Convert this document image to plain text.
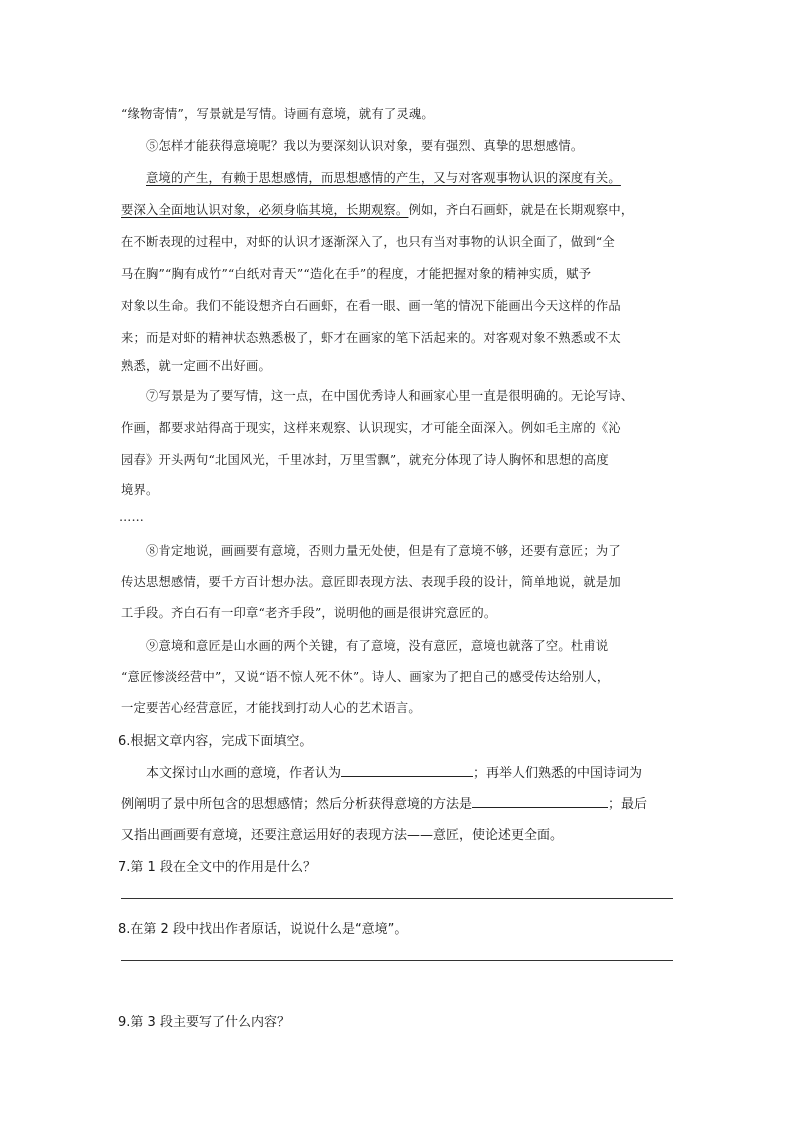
“缘物寄情”，写景就是写情。诗画有意境，就有了灵魂。
⑤怎样才能获得意境呢？我以为要深刻认识对象，要有强烈、真挚的思想感情。
意境的产生，有赖于思想感情，而思想感情的产生，又与对客观事物认识的深度有关。
要深入全面地认识对象，必须身临其境，长期观察。例如，齐白石画虾，就是在长期观察中，
在不断表现的过程中，对虾的认识才逐渐深入了，也只有当对事物的认识全面了，做到“全
马在胸”“胸有成竹”“白纸对青天”“造化在手”的程度，才能把握对象的精神实质，赋予
对象以生命。我们不能设想齐白石画虾，在看一眼、画一笔的情况下能画出今天这样的作品
来；而是对虾的精神状态熟悉极了，虾才在画家的笔下活起来的。对客观对象不熟悉或不太
熟悉，就一定画不出好画。
⑦写景是为了要写情，这一点，在中国优秀诗人和画家心里一直是很明确的。无论写诗、
作画，都要求站得高于现实，这样来观察、认识现实，才可能全面深入。例如毛主席的《沁
园春》开头两句“北国风光，千里冰封，万里雪飘”，就充分体现了诗人胸怀和思想的高度
境界。
……
⑧肯定地说，画画要有意境，否则力量无处使，但是有了意境不够，还要有意匠；为了
传达思想感情，要千方百计想办法。意匠即表现方法、表现手段的设计，简单地说，就是加
工手段。齐白石有一印章“老齐手段”，说明他的画是很讲究意匠的。
⑨意境和意匠是山水画的两个关键，有了意境，没有意匠，意境也就落了空。杜甫说
“意匠惨淡经营中”，又说“语不惊人死不休”。诗人、画家为了把自己的感受传达给别人，
一定要苦心经营意匠，才能找到打动人心的艺术语言。
6.根据文章内容，完成下面填空。
本文探讨山水画的意境，作者认为	；再举人们熟悉的中国诗词为
例阐明了景中所包含的思想感情；然后分析获得意境的方法是	；最后
又指出画画要有意境，还要注意运用好的表现方法——意匠，使论述更全面。
7.第 1 段在全文中的作用是什么？
8.在第 2 段中找出作者原话，说说什么是“意境”。
9.第 3 段主要写了什么内容？
